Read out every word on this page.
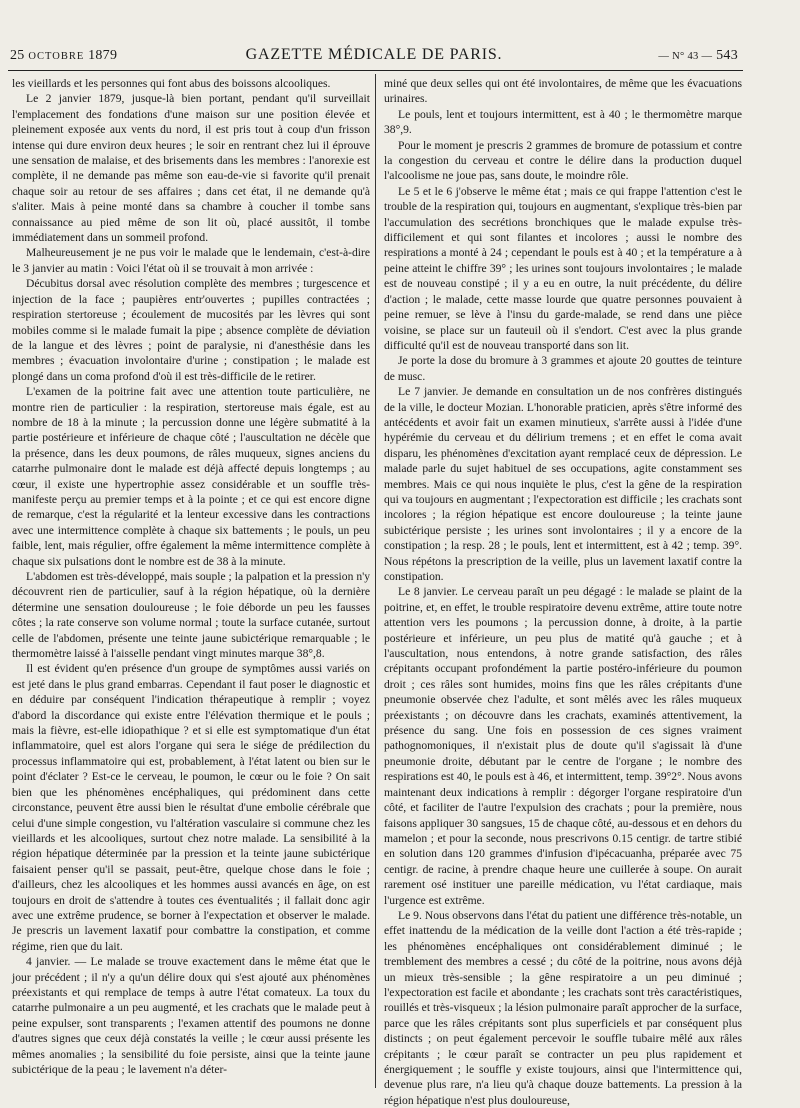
25 OCTOBRE 1879	GAZETTE MÉDICALE DE PARIS.	— N° 43 — 543

les vieillards et les personnes qui font abus des boissons alcooliques.

Le 2 janvier 1879, jusque-là bien portant, pendant qu'il surveillait l'emplacement des fondations d'une maison sur une position élevée et pleinement exposée aux vents du nord, il est pris tout à coup d'un frisson intense qui dure environ deux heures ; le soir en rentrant chez lui il éprouve une sensation de malaise, et des brisements dans les membres : l'anorexie est complète, il ne demande pas même son eau-de-vie si favorite qu'il prenait chaque soir au retour de ses affaires ; dans cet état, il ne demande qu'à s'aliter. Mais à peine monté dans sa chambre à coucher il tombe sans connaissance au pied même de son lit où, placé aussitôt, il tombe immédiatement dans un sommeil profond.

Malheureusement je ne pus voir le malade que le lendemain, c'est-à-dire le 3 janvier au matin : Voici l'état où il se trouvait à mon arrivée :

Décubitus dorsal avec résolution complète des membres ; turgescence et injection de la face ; paupières entr'ouvertes ; pupilles contractées ; respiration stertoreuse ; écoulement de mucosités par les lèvres qui sont mobiles comme si le malade fumait la pipe ; absence complète de déviation de la langue et des lèvres ; point de paralysie, ni d'anesthésie dans les membres ; évacuation involontaire d'urine ; constipation ; le malade est plongé dans un coma profond d'où il est très-difficile de le retirer.

L'examen de la poitrine fait avec une attention toute particulière, ne montre rien de particulier : la respiration, stertoreuse mais égale, est au nombre de 18 à la minute ; la percussion donne une légère submatité à la partie postérieure et inférieure de chaque côté ; l'auscultation ne décèle que la présence, dans les deux poumons, de râles muqueux, signes anciens du catarrhe pulmonaire dont le malade est déjà affecté depuis longtemps ; au cœur, il existe une hypertrophie assez considérable et un souffle très-manifeste perçu au premier temps et à la pointe ; et ce qui est encore digne de remarque, c'est la régularité et la lenteur excessive dans les contractions avec une intermittence complète à chaque six battements ; le pouls, un peu faible, lent, mais régulier, offre également la même intermittence complète à chaque six pulsations dont le nombre est de 38 à la minute.

L'abdomen est très-développé, mais souple ; la palpation et la pression n'y découvrent rien de particulier, sauf à la région hépatique, où la dernière détermine une sensation douloureuse ; le foie déborde un peu les fausses côtes ; la rate conserve son volume normal ; toute la surface cutanée, surtout celle de l'abdomen, présente une teinte jaune subictérique remarquable ; le thermomètre laissé à l'aisselle pendant vingt minutes marque 38°,8.

Il est évident qu'en présence d'un groupe de symptômes aussi variés on est jeté dans le plus grand embarras. Cependant il faut poser le diagnostic et en déduire par conséquent l'indication thérapeutique à remplir ; voyez d'abord la discordance qui existe entre l'élévation thermique et le pouls ; mais la fièvre, est-elle idiopathique ? et si elle est symptomatique d'un état inflammatoire, quel est alors l'organe qui sera le siége de prédilection du processus inflammatoire qui est, probablement, à l'état latent ou bien sur le point d'éclater ? Est-ce le cerveau, le poumon, le cœur ou le foie ? On sait bien que les phénomènes encéphaliques, qui prédominent dans cette circonstance, peuvent être aussi bien le résultat d'une embolie cérébrale que celui d'une simple congestion, vu l'altération vasculaire si commune chez les vieillards et les alcooliques, surtout chez notre malade. La sensibilité à la région hépatique déterminée par la pression et la teinte jaune subictérique faisaient penser qu'il se passait, peut-être, quelque chose dans le foie ; d'ailleurs, chez les alcooliques et les hommes aussi avancés en âge, on est toujours en droit de s'attendre à toutes ces éventualités ; il fallait donc agir avec une extrême prudence, se borner à l'expectation et observer le malade. Je prescris un lavement laxatif pour combattre la constipation, et comme régime, rien que du lait.

4 janvier. — Le malade se trouve exactement dans le même état que le jour précédent ; il n'y a qu'un délire doux qui s'est ajouté aux phénomènes préexistants et qui remplace de temps à autre l'état comateux. La toux du catarrhe pulmonaire a un peu augmenté, et les crachats que le malade peut à peine expulser, sont transparents ; l'examen attentif des poumons ne donne d'autres signes que ceux déjà constatés la veille ; le cœur aussi présente les mêmes anomalies ; la sensibilité du foie persiste, ainsi que la teinte jaune subictérique de la peau ; le lavement n'a déter-

miné que deux selles qui ont été involontaires, de même que les évacuations urinaires.

Le pouls, lent et toujours intermittent, est à 40 ; le thermomètre marque 38°,9.

Pour le moment je prescris 2 grammes de bromure de potassium et contre la congestion du cerveau et contre le délire dans la production duquel l'alcoolisme ne joue pas, sans doute, le moindre rôle.

Le 5 et le 6 j'observe le même état ; mais ce qui frappe l'attention c'est le trouble de la respiration qui, toujours en augmentant, s'explique très-bien par l'accumulation des secrétions bronchiques que le malade expulse très-difficilement et qui sont filantes et incolores ; aussi le nombre des respirations a monté à 24 ; cependant le pouls est à 40 ; et la température a à peine atteint le chiffre 39° ; les urines sont toujours involontaires ; le malade est de nouveau constipé ; il y a eu en outre, la nuit précédente, du délire d'action ; le malade, cette masse lourde que quatre personnes pouvaient à peine remuer, se lève à l'insu du garde-malade, se rend dans une pièce voisine, se place sur un fauteuil où il s'endort. C'est avec la plus grande difficulté qu'il est de nouveau transporté dans son lit.

Je porte la dose du bromure à 3 grammes et ajoute 20 gouttes de teinture de musc.

Le 7 janvier. Je demande en consultation un de nos confrères distingués de la ville, le docteur Mozian. L'honorable praticien, après s'être informé des antécédents et avoir fait un examen minutieux, s'arrête aussi à l'idée d'une hypérémie du cerveau et du délirium tremens ; et en effet le coma avait disparu, les phénomènes d'excitation ayant remplacé ceux de dépression. Le malade parle du sujet habituel de ses occupations, agite constamment ses membres. Mais ce qui nous inquiète le plus, c'est la gêne de la respiration qui va toujours en augmentant ; l'expectoration est difficile ; les crachats sont incolores ; la région hépatique est encore douloureuse ; la teinte jaune subictérique persiste ; les urines sont involontaires ; il y a encore de la constipation ; la resp. 28 ; le pouls, lent et intermittent, est à 42 ; temp. 39°. Nous répétons la prescription de la veille, plus un lavement laxatif contre la constipation.

Le 8 janvier. Le cerveau paraît un peu dégagé : le malade se plaint de la poitrine, et, en effet, le trouble respiratoire devenu extrême, attire toute notre attention vers les poumons ; la percussion donne, à droite, à la partie postérieure et inférieure, un peu plus de matité qu'à gauche ; et à l'auscultation, nous entendons, à notre grande satisfaction, des râles crépitants occupant profondément la partie postéro-inférieure du poumon droit ; ces râles sont humides, moins fins que les râles crépitants d'une pneumonie observée chez l'adulte, et sont mêlés avec les râles muqueux préexistants ; on découvre dans les crachats, examinés attentivement, la présence du sang. Une fois en possession de ces signes vraiment pathognomoniques, il n'existait plus de doute qu'il s'agissait là d'une pneumonie droite, débutant par le centre de l'organe ; le nombre des respirations est 40, le pouls est à 46, et intermittent, temp. 39°2°. Nous avons maintenant deux indications à remplir : dégorger l'organe respiratoire d'un côté, et faciliter de l'autre l'expulsion des crachats ; pour la première, nous faisons appliquer 30 sangsues, 15 de chaque côté, au-dessous et en dehors du mamelon ; et pour la seconde, nous prescrivons 0.15 centigr. de tartre stibié en solution dans 120 grammes d'infusion d'ipécacuanha, préparée avec 75 centigr. de racine, à prendre chaque heure une cuillerée à soupe. On aurait rarement osé instituer une pareille médication, vu l'état cardiaque, mais l'urgence est extrême.

Le 9. Nous observons dans l'état du patient une différence très-notable, un effet inattendu de la médication de la veille dont l'action a été très-rapide ; les phénomènes encéphaliques ont considérablement diminué ; le tremblement des membres a cessé ; du côté de la poitrine, nous avons déjà un mieux très-sensible ; la gêne respiratoire a un peu diminué ; l'expectoration est facile et abondante ; les crachats sont très caractéristiques, rouillés et très-visqueux ; la lésion pulmonaire paraît approcher de la surface, parce que les râles crépitants sont plus superficiels et par conséquent plus distincts ; on peut également percevoir le souffle tubaire mêlé aux râles crépitants ; le cœur paraît se contracter un peu plus rapidement et énergiquement ; le souffle y existe toujours, ainsi que l'intermittence qui, devenue plus rare, n'a lieu qu'à chaque douze battements. La pression à la région hépatique n'est plus douloureuse,
